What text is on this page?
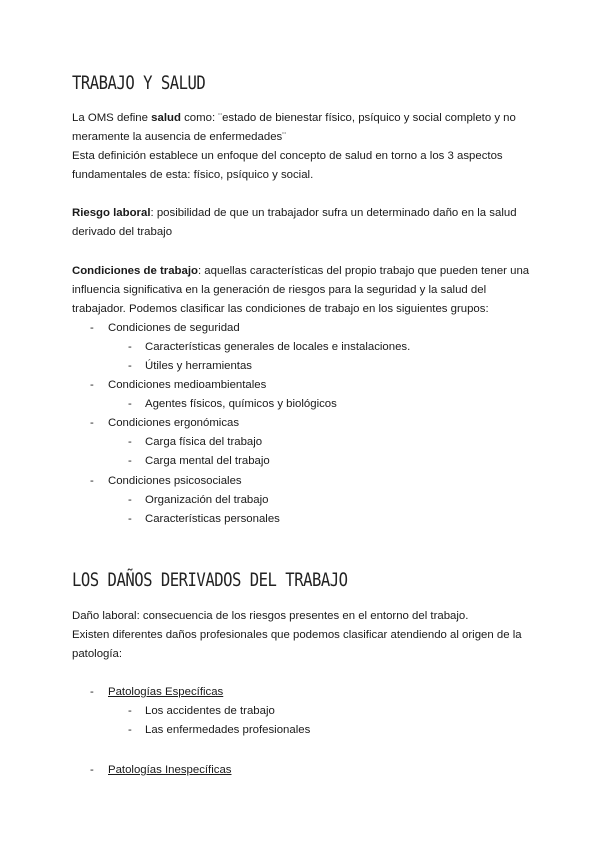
TRABAJO Y SALUD
La OMS define salud como: ¨estado de bienestar físico, psíquico y social completo y no
meramente la ausencia de enfermedades¨
Esta definición establece un enfoque del concepto de salud en torno a los 3 aspectos
fundamentales de esta: físico, psíquico y social.
Riesgo laboral: posibilidad de que un trabajador sufra un determinado daño en la salud
derivado del trabajo
Condiciones de trabajo: aquellas características del propio trabajo que pueden tener una
influencia significativa en la generación de riesgos para la seguridad y la salud del
trabajador. Podemos clasificar las condiciones de trabajo en los siguientes grupos:
- Condiciones de seguridad
- Características generales de locales e instalaciones.
- Útiles y herramientas
- Condiciones medioambientales
- Agentes físicos, químicos y biológicos
- Condiciones ergonómicas
- Carga física del trabajo
- Carga mental del trabajo
- Condiciones psicosociales
- Organización del trabajo
- Características personales
LOS DAÑOS DERIVADOS DEL TRABAJO
Daño laboral: consecuencia de los riesgos presentes en el entorno del trabajo.
Existen diferentes daños profesionales que podemos clasificar atendiendo al origen de la
patología:
- Patologías Específicas
- Los accidentes de trabajo
- Las enfermedades profesionales
- Patologías Inespecíficas
